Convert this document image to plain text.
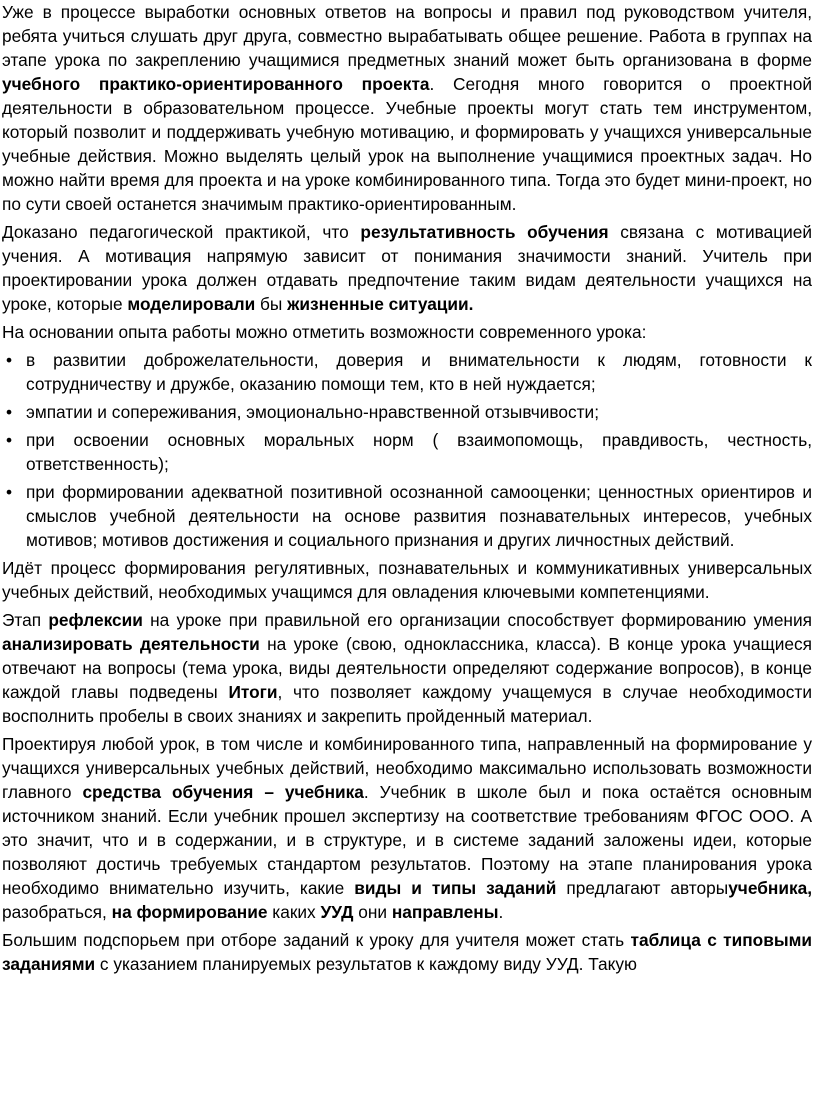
Уже в процессе выработки основных ответов на вопросы и правил под руководством учителя, ребята учиться слушать друг друга, совместно вырабатывать общее решение. Работа в группах на этапе урока по закреплению учащимися предметных знаний может быть организована в форме учебного практико-ориентированного проекта. Сегодня много говорится о проектной деятельности в образовательном процессе. Учебные проекты могут стать тем инструментом, который позволит и поддерживать учебную мотивацию, и формировать у учащихся универсальные учебные действия. Можно выделять целый урок на выполнение учащимися проектных задач. Но можно найти время для проекта и на уроке комбинированного типа. Тогда это будет мини-проект, но по сути своей останется значимым практико-ориентированным.

Доказано педагогической практикой, что результативность обучения связана с мотивацией учения. А мотивация напрямую зависит от понимания значимости знаний. Учитель при проектировании урока должен отдавать предпочтение таким видам деятельности учащихся на уроке, которые моделировали бы жизненные ситуации.

На основании опыта работы можно отметить возможности современного урока:

• в развитии доброжелательности, доверия и внимательности к людям, готовности к сотрудничеству и дружбе, оказанию помощи тем, кто в ней нуждается;
• эмпатии и сопереживания, эмоционально-нравственной отзывчивости;
• при освоении основных моральных норм ( взаимопомощь, правдивость, честность, ответственность);
• при формировании адекватной позитивной осознанной самооценки; ценностных ориентиров и смыслов учебной деятельности на основе развития познавательных интересов, учебных мотивов; мотивов достижения и социального признания и других личностных действий.

Идёт процесс формирования регулятивных, познавательных и коммуникативных универсальных учебных действий, необходимых учащимся для овладения ключевыми компетенциями.

Этап рефлексии на уроке при правильной его организации способствует формированию умения анализировать деятельности на уроке (свою, одноклассника, класса). В конце урока учащиеся отвечают на вопросы (тема урока, виды деятельности определяют содержание вопросов), в конце каждой главы подведены Итоги, что позволяет каждому учащемуся в случае необходимости восполнить пробелы в своих знаниях и закрепить пройденный материал.

Проектируя любой урок, в том числе и комбинированного типа, направленный на формирование у учащихся универсальных учебных действий, необходимо максимально использовать возможности главного средства обучения – учебника. Учебник в школе был и пока остаётся основным источником знаний. Если учебник прошел экспертизу на соответствие требованиям ФГОС ООО. А это значит, что и в содержании, и в структуре, и в системе заданий заложены идеи, которые позволяют достичь требуемых стандартом результатов. Поэтому на этапе планирования урока необходимо внимательно изучить, какие виды и типы заданий предлагают авторыучебника, разобраться, на формирование каких УУД они направлены.

Большим подспорьем при отборе заданий к уроку для учителя может стать таблица с типовыми заданиями с указанием планируемых результатов к каждому виду УУД. Такую
